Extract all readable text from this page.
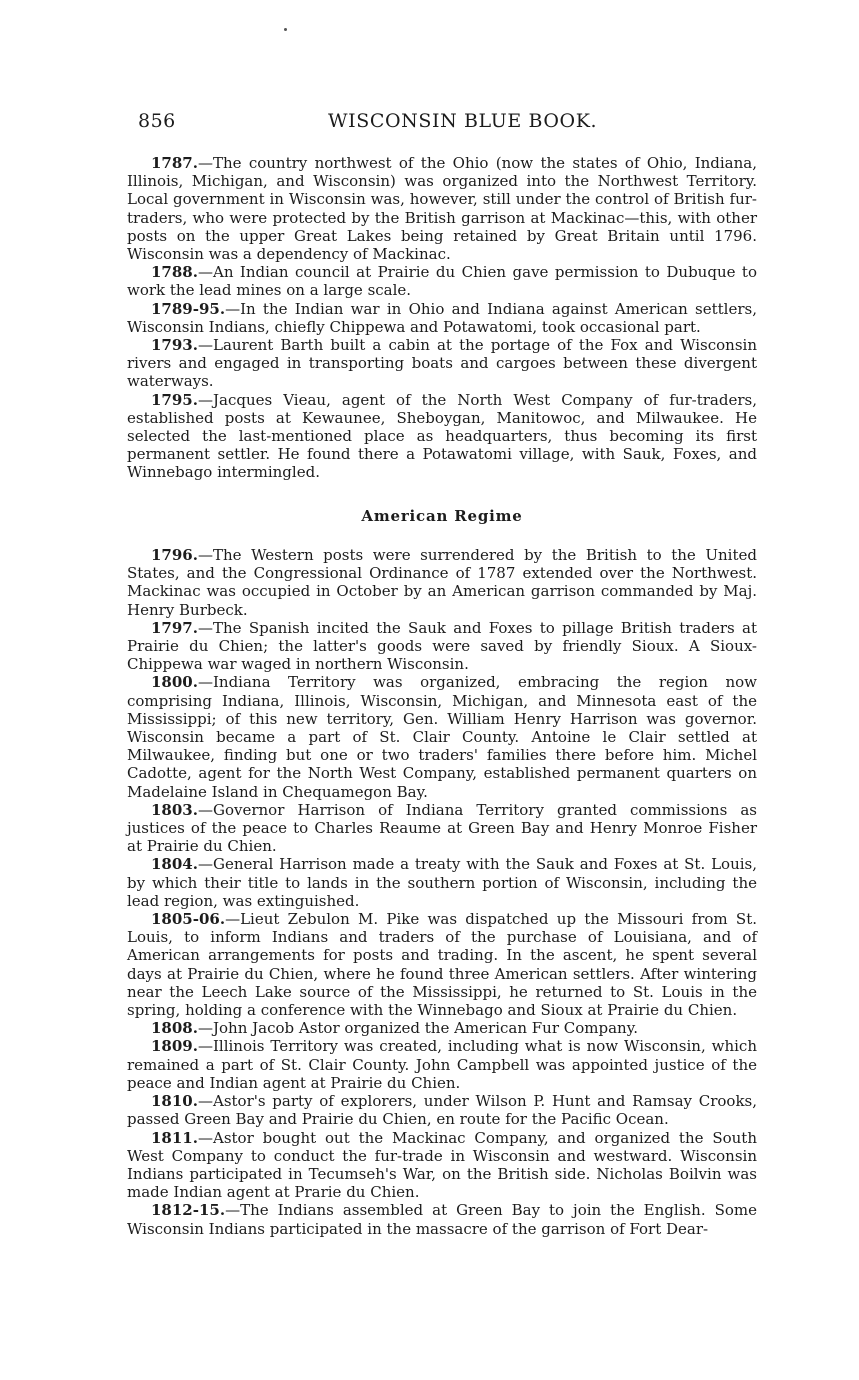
856	WISCONSIN BLUE BOOK.

1787.—The country northwest of the Ohio (now the states of Ohio, Indiana, Illinois, Michigan, and Wisconsin) was organized into the Northwest Territory. Local government in Wisconsin was, however, still under the control of British fur-traders, who were protected by the British garrison at Mackinac—this, with other posts on the upper Great Lakes being retained by Great Britain until 1796. Wisconsin was a dependency of Mackinac.

1788.—An Indian council at Prairie du Chien gave permission to Dubuque to work the lead mines on a large scale.

1789-95.—In the Indian war in Ohio and Indiana against American settlers, Wisconsin Indians, chiefly Chippewa and Potawatomi, took occasional part.

1793.—Laurent Barth built a cabin at the portage of the Fox and Wisconsin rivers and engaged in transporting boats and cargoes between these divergent waterways.

1795.—Jacques Vieau, agent of the North West Company of fur-traders, established posts at Kewaunee, Sheboygan, Manitowoc, and Milwaukee. He selected the last-mentioned place as headquarters, thus becoming its first permanent settler. He found there a Potawatomi village, with Sauk, Foxes, and Winnebago intermingled.

American Regime

1796.—The Western posts were surrendered by the British to the United States, and the Congressional Ordinance of 1787 extended over the Northwest. Mackinac was occupied in October by an American garrison commanded by Maj. Henry Burbeck.

1797.—The Spanish incited the Sauk and Foxes to pillage British traders at Prairie du Chien; the latter's goods were saved by friendly Sioux. A Sioux-Chippewa war waged in northern Wisconsin.

1800.—Indiana Territory was organized, embracing the region now comprising Indiana, Illinois, Wisconsin, Michigan, and Minnesota east of the Mississippi; of this new territory, Gen. William Henry Harrison was governor. Wisconsin became a part of St. Clair County. Antoine le Clair settled at Milwaukee, finding but one or two traders' families there before him. Michel Cadotte, agent for the North West Company, established permanent quarters on Madelaine Island in Chequamegon Bay.

1803.—Governor Harrison of Indiana Territory granted commissions as justices of the peace to Charles Reaume at Green Bay and Henry Monroe Fisher at Prairie du Chien.

1804.—General Harrison made a treaty with the Sauk and Foxes at St. Louis, by which their title to lands in the southern portion of Wisconsin, including the lead region, was extinguished.

1805-06.—Lieut Zebulon M. Pike was dispatched up the Missouri from St. Louis, to inform Indians and traders of the purchase of Louisiana, and of American arrangements for posts and trading. In the ascent, he spent several days at Prairie du Chien, where he found three American settlers. After wintering near the Leech Lake source of the Mississippi, he returned to St. Louis in the spring, holding a conference with the Winnebago and Sioux at Prairie du Chien.

1808.—John Jacob Astor organized the American Fur Company.

1809.—Illinois Territory was created, including what is now Wisconsin, which remained a part of St. Clair County. John Campbell was appointed justice of the peace and Indian agent at Prairie du Chien.

1810.—Astor's party of explorers, under Wilson P. Hunt and Ramsay Crooks, passed Green Bay and Prairie du Chien, en route for the Pacific Ocean.

1811.—Astor bought out the Mackinac Company, and organized the South West Company to conduct the fur-trade in Wisconsin and westward. Wisconsin Indians participated in Tecumseh's War, on the British side. Nicholas Boilvin was made Indian agent at Prarie du Chien.

1812-15.—The Indians assembled at Green Bay to join the English. Some Wisconsin Indians participated in the massacre of the garrison of Fort Dear-
